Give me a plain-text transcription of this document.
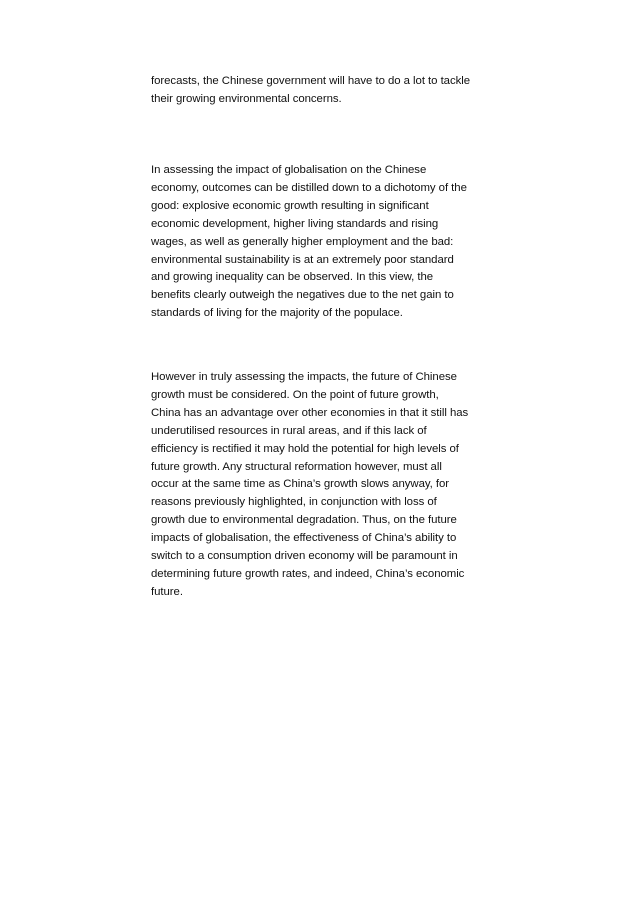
forecasts, the Chinese government will have to do a lot to tackle
their growing environmental concerns.

In assessing the impact of globalisation on the Chinese
economy, outcomes can be distilled down to a dichotomy of the
good: explosive economic growth resulting in significant
economic development, higher living standards and rising
wages, as well as generally higher employment and the bad:
environmental sustainability is at an extremely poor standard
and growing inequality can be observed. In this view, the
benefits clearly outweigh the negatives due to the net gain to
standards of living for the majority of the populace.

However in truly assessing the impacts, the future of Chinese
growth must be considered. On the point of future growth,
China has an advantage over other economies in that it still has
underutilised resources in rural areas, and if this lack of
efficiency is rectified it may hold the potential for high levels of
future growth. Any structural reformation however, must all
occur at the same time as China’s growth slows anyway, for
reasons previously highlighted, in conjunction with loss of
growth due to environmental degradation. Thus, on the future
impacts of globalisation, the effectiveness of China’s ability to
switch to a consumption driven economy will be paramount in
determining future growth rates, and indeed, China’s economic
future.
